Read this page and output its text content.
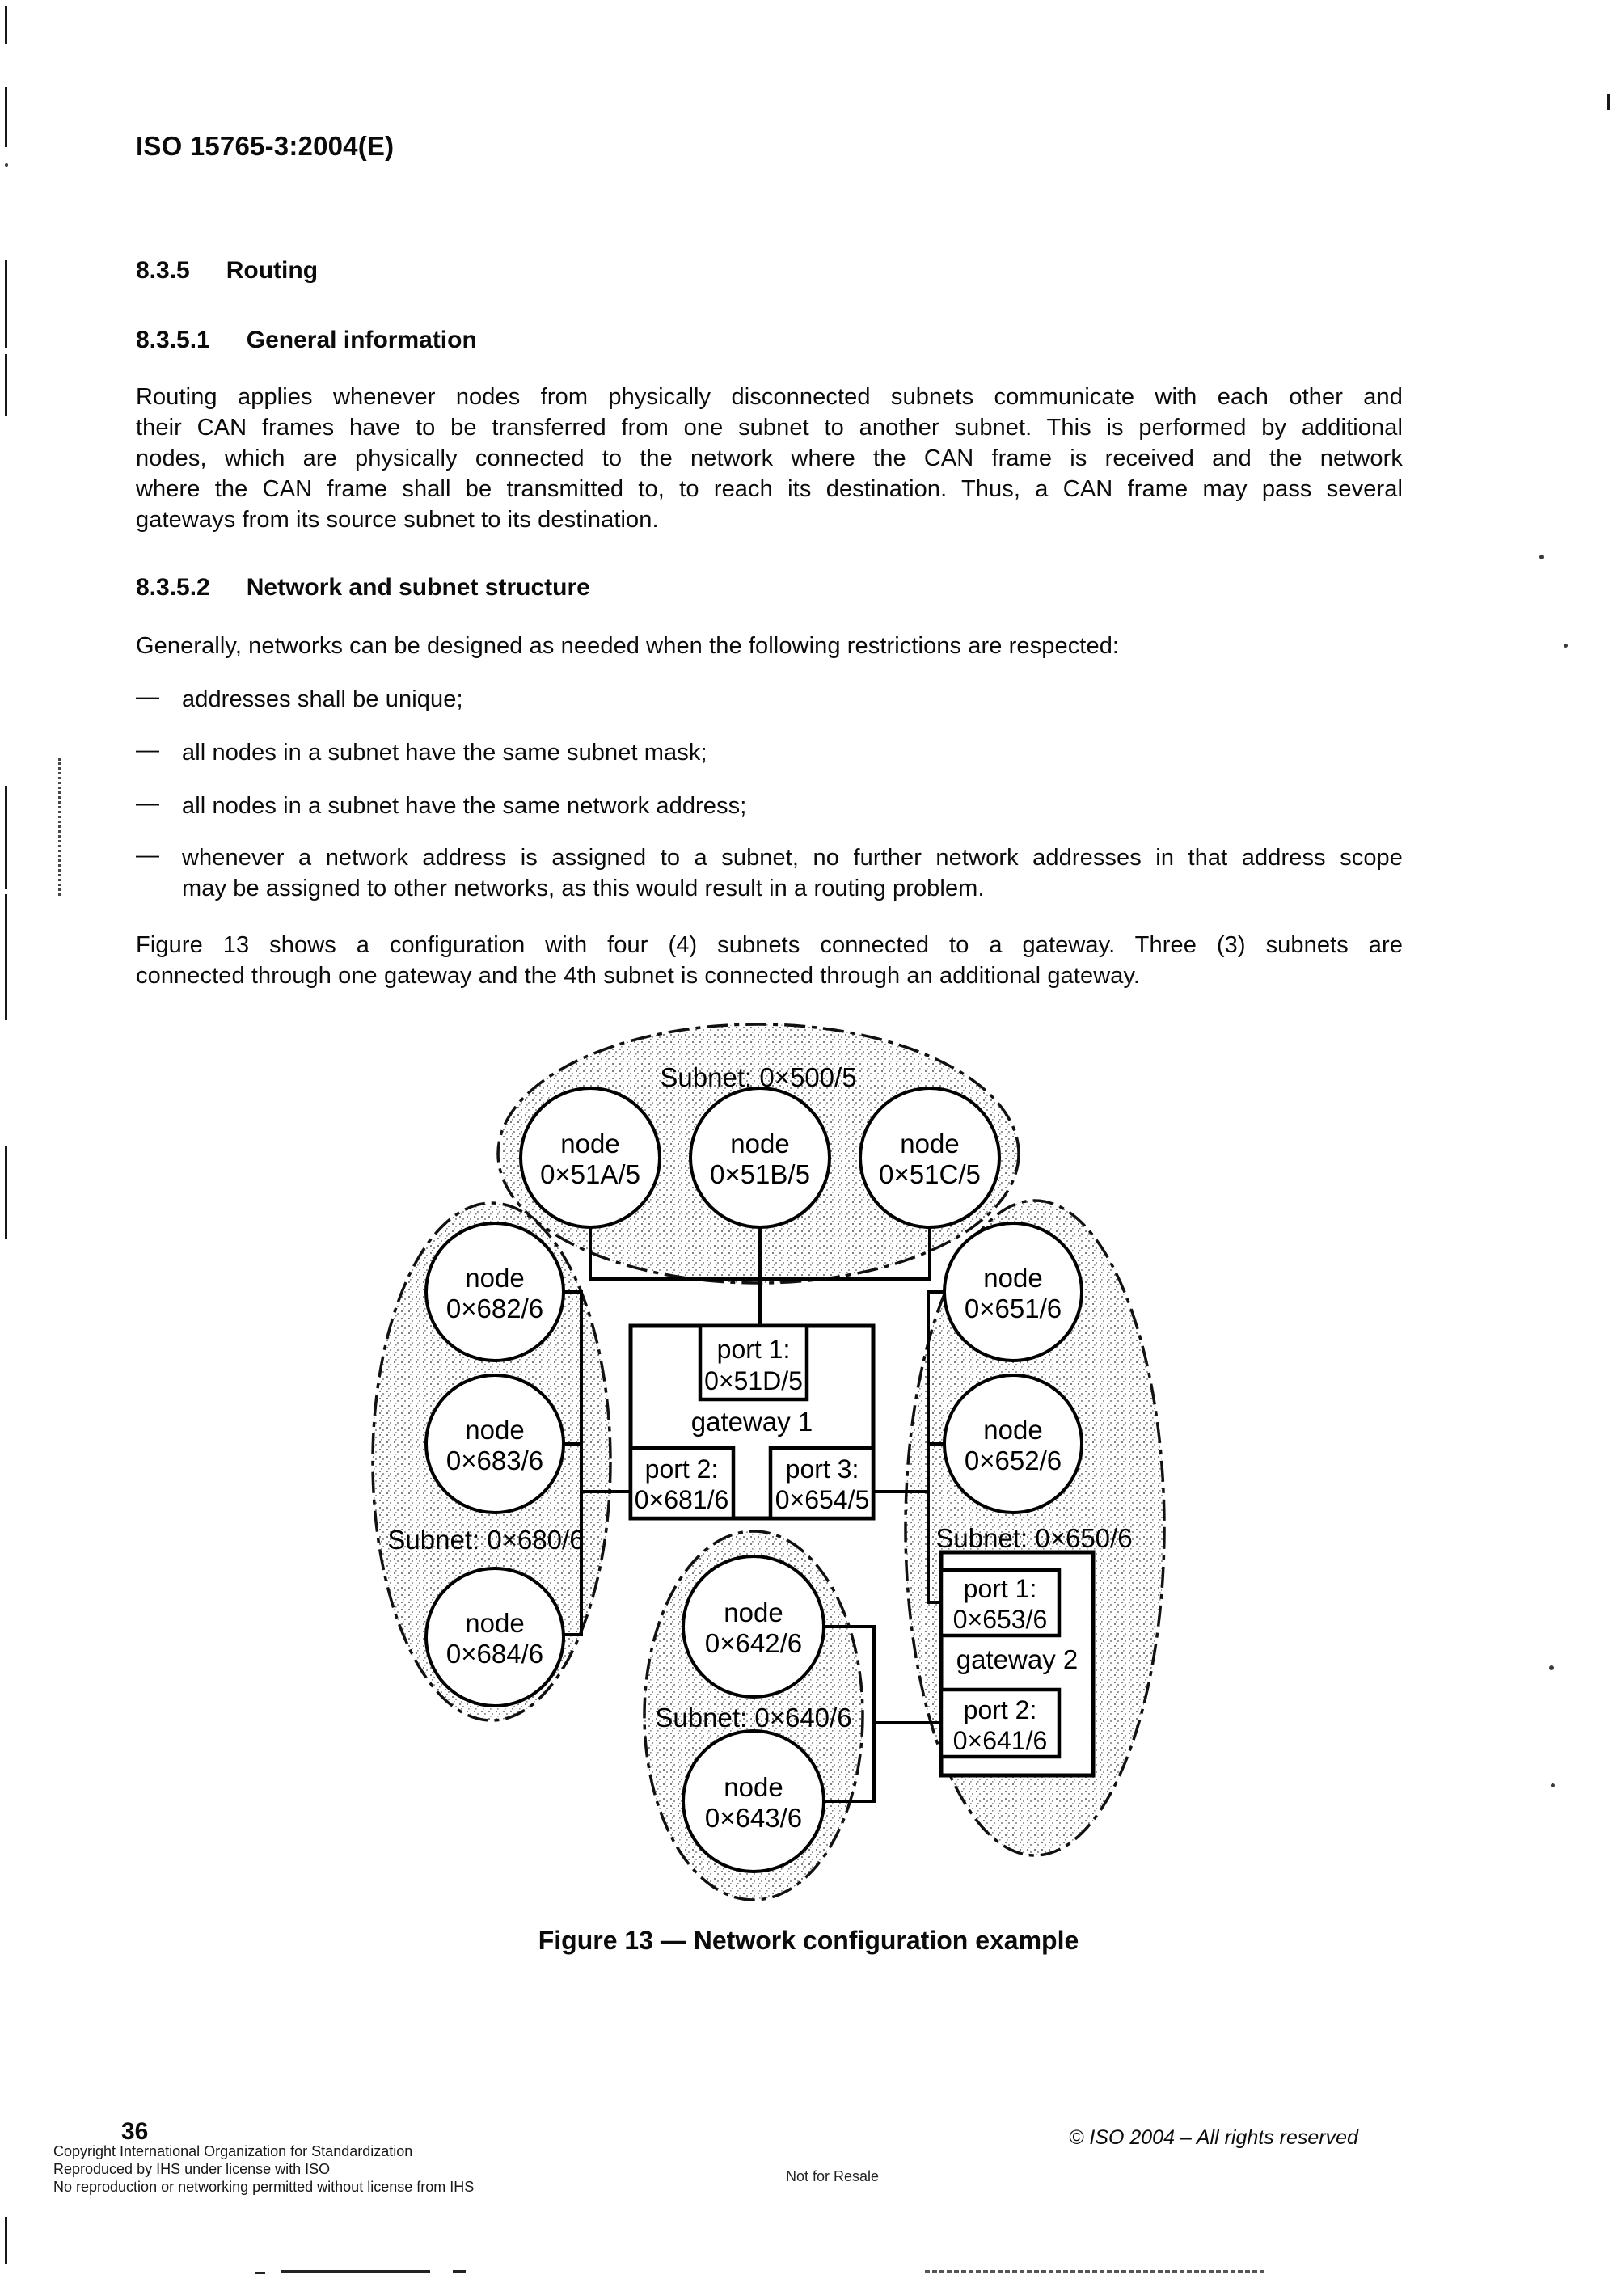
ISO 15765-3:2004(E)
8.3.5 Routing
8.3.5.1 General information
Routing applies whenever nodes from physically disconnected subnets communicate with each other and
their CAN frames have to be transferred from one subnet to another subnet. This is performed by additional
nodes, which are physically connected to the network where the CAN frame is received and the network
where the CAN frame shall be transmitted to, to reach its destination. Thus, a CAN frame may pass several
gateways from its source subnet to its destination.
8.3.5.2 Network and subnet structure
Generally, networks can be designed as needed when the following restrictions are respected:
— addresses shall be unique;
— all nodes in a subnet have the same subnet mask;
— all nodes in a subnet have the same network address;
— whenever a network address is assigned to a subnet, no further network addresses in that address scope
may be assigned to other networks, as this would result in a routing problem.
Figure 13 shows a configuration with four (4) subnets connected to a gateway. Three (3) subnets are
connected through one gateway and the 4th subnet is connected through an additional gateway.
Subnet: 0×500/5
Subnet: 0×680/6	Subnet: 0×650/6
Subnet: 0×640/6
node
0×51A/5
node
0×51B/5
node
0×51C/5
node
0×682/6
node
0×683/6
node
0×684/6
node
0×651/6
node
0×652/6
node
0×642/6
node
0×643/6
port 1:
0×51D/5
gateway 1
port 2:
0×681/6
port 3:
0×654/5
port 1:
0×653/6
gateway 2
port 2:
0×641/6
Figure 13 — Network configuration example
36
Copyright International Organization for Standardization
Reproduced by IHS under license with ISO
No reproduction or networking permitted without license from IHS
Not for Resale
© ISO 2004 – All rights reserved
